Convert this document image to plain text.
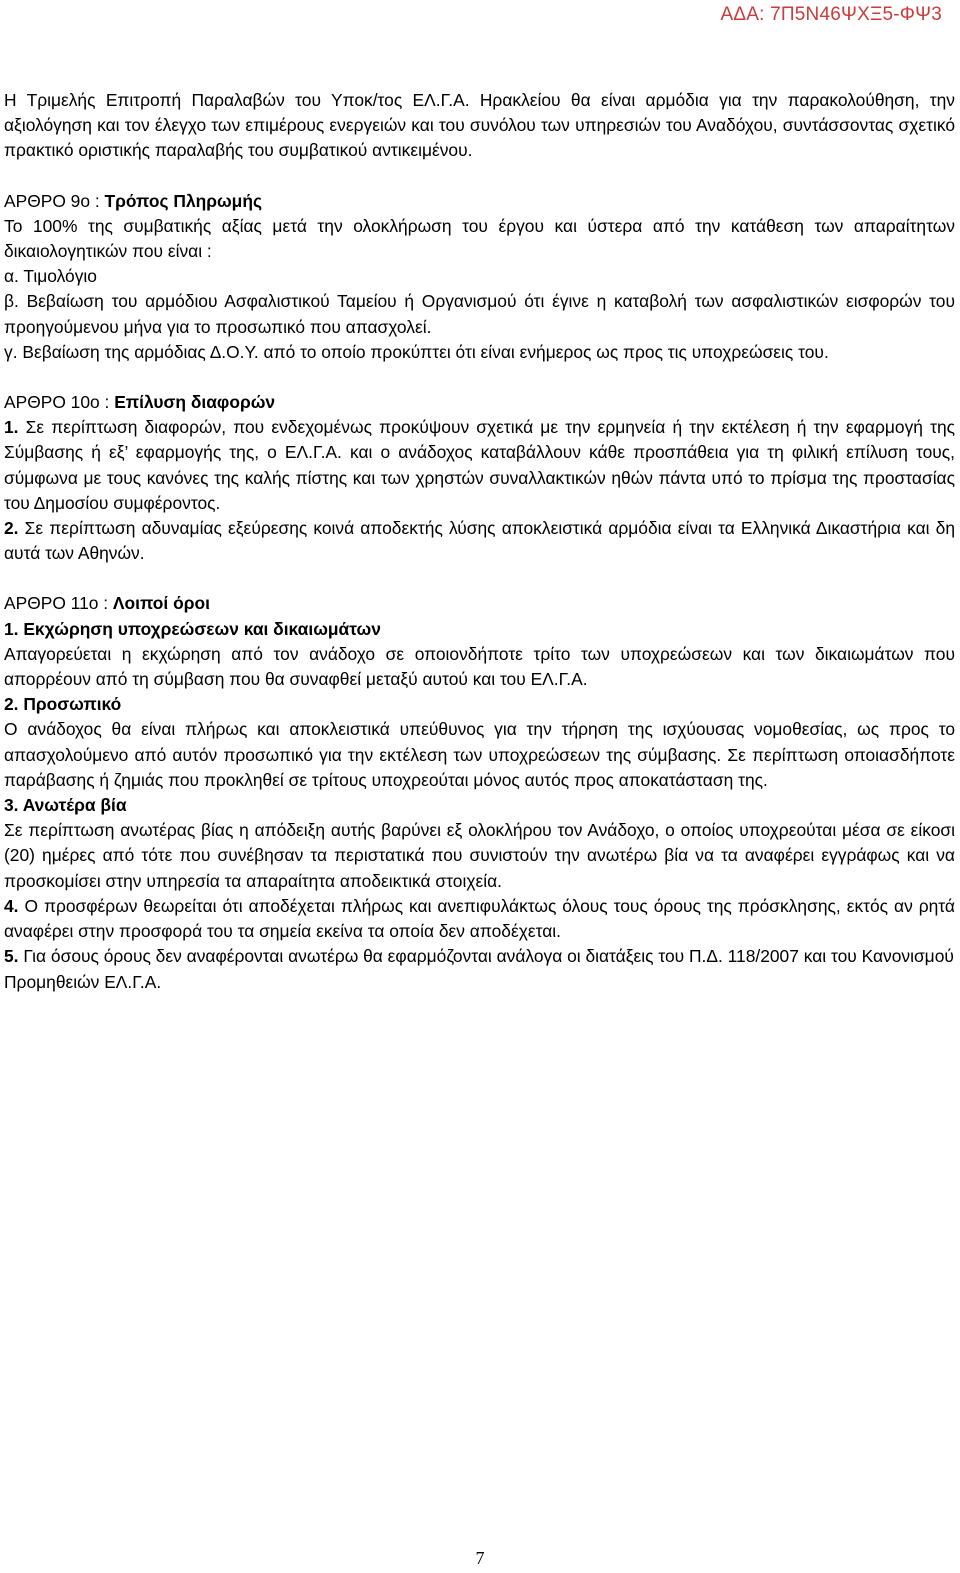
ΑΔΑ: 7Π5Ν46ΨΧΞ5-ΦΨ3

Η Τριμελής Επιτροπή Παραλαβών του Υποκ/τος ΕΛ.Γ.Α. Ηρακλείου θα είναι αρμόδια για την παρακολούθηση, την αξιολόγηση και τον έλεγχο των επιμέρους ενεργειών και του συνόλου των υπηρεσιών του Αναδόχου, συντάσσοντας σχετικό πρακτικό οριστικής παραλαβής του συμβατικού αντικειμένου.

ΑΡΘΡΟ 9ο : Τρόπος Πληρωμής

Το 100% της συμβατικής αξίας μετά την ολοκλήρωση του έργου και ύστερα από την κατάθεση των απαραίτητων δικαιολογητικών που είναι :

α. Τιμολόγιο

β. Βεβαίωση του αρμόδιου Ασφαλιστικού Ταμείου ή Οργανισμού ότι έγινε η καταβολή των ασφαλιστικών εισφορών του προηγούμενου μήνα για το προσωπικό που απασχολεί.

γ. Βεβαίωση της αρμόδιας Δ.Ο.Υ. από το οποίο προκύπτει ότι είναι ενήμερος ως προς τις υποχρεώσεις του.

ΑΡΘΡΟ 10ο : Επίλυση διαφορών

1. Σε περίπτωση διαφορών, που ενδεχομένως προκύψουν σχετικά με την ερμηνεία ή την εκτέλεση ή την εφαρμογή της Σύμβασης ή εξ’ εφαρμογής της, ο ΕΛ.Γ.Α. και ο ανάδοχος καταβάλλουν κάθε προσπάθεια για τη φιλική επίλυση τους, σύμφωνα με τους κανόνες της καλής πίστης και των χρηστών συναλλακτικών ηθών πάντα υπό το πρίσμα της προστασίας του Δημοσίου συμφέροντος.

2. Σε περίπτωση αδυναμίας εξεύρεσης κοινά αποδεκτής λύσης αποκλειστικά αρμόδια είναι τα Ελληνικά Δικαστήρια και δη αυτά των Αθηνών.

ΑΡΘΡΟ 11ο : Λοιποί όροι

1. Εκχώρηση υποχρεώσεων και δικαιωμάτων

Απαγορεύεται η εκχώρηση από τον ανάδοχο σε οποιονδήποτε τρίτο των υποχρεώσεων και των δικαιωμάτων που απορρέουν από τη σύμβαση που θα συναφθεί μεταξύ αυτού και του ΕΛ.Γ.Α.

2. Προσωπικό

Ο ανάδοχος θα είναι πλήρως και αποκλειστικά υπεύθυνος για την τήρηση της ισχύουσας νομοθεσίας, ως προς το απασχολούμενο από αυτόν προσωπικό για την εκτέλεση των υποχρεώσεων της σύμβασης. Σε περίπτωση οποιασδήποτε παράβασης ή ζημιάς που προκληθεί σε τρίτους υποχρεούται μόνος αυτός προς αποκατάσταση της.

3. Ανωτέρα βία

Σε περίπτωση ανωτέρας βίας η απόδειξη αυτής βαρύνει εξ ολοκλήρου τον Ανάδοχο, ο οποίος υποχρεούται μέσα σε είκοσι (20) ημέρες από τότε που συνέβησαν τα περιστατικά που συνιστούν την ανωτέρω βία να τα αναφέρει εγγράφως και να προσκομίσει στην υπηρεσία τα απαραίτητα αποδεικτικά στοιχεία.

4. Ο προσφέρων θεωρείται ότι αποδέχεται πλήρως και ανεπιφυλάκτως όλους τους όρους της πρόσκλησης, εκτός αν ρητά αναφέρει στην προσφορά του τα σημεία εκείνα τα οποία δεν αποδέχεται.

5. Για όσους όρους δεν αναφέρονται ανωτέρω θα εφαρμόζονται ανάλογα οι διατάξεις του Π.Δ. 118/2007 και του Κανονισμού Προμηθειών ΕΛ.Γ.Α.

7
